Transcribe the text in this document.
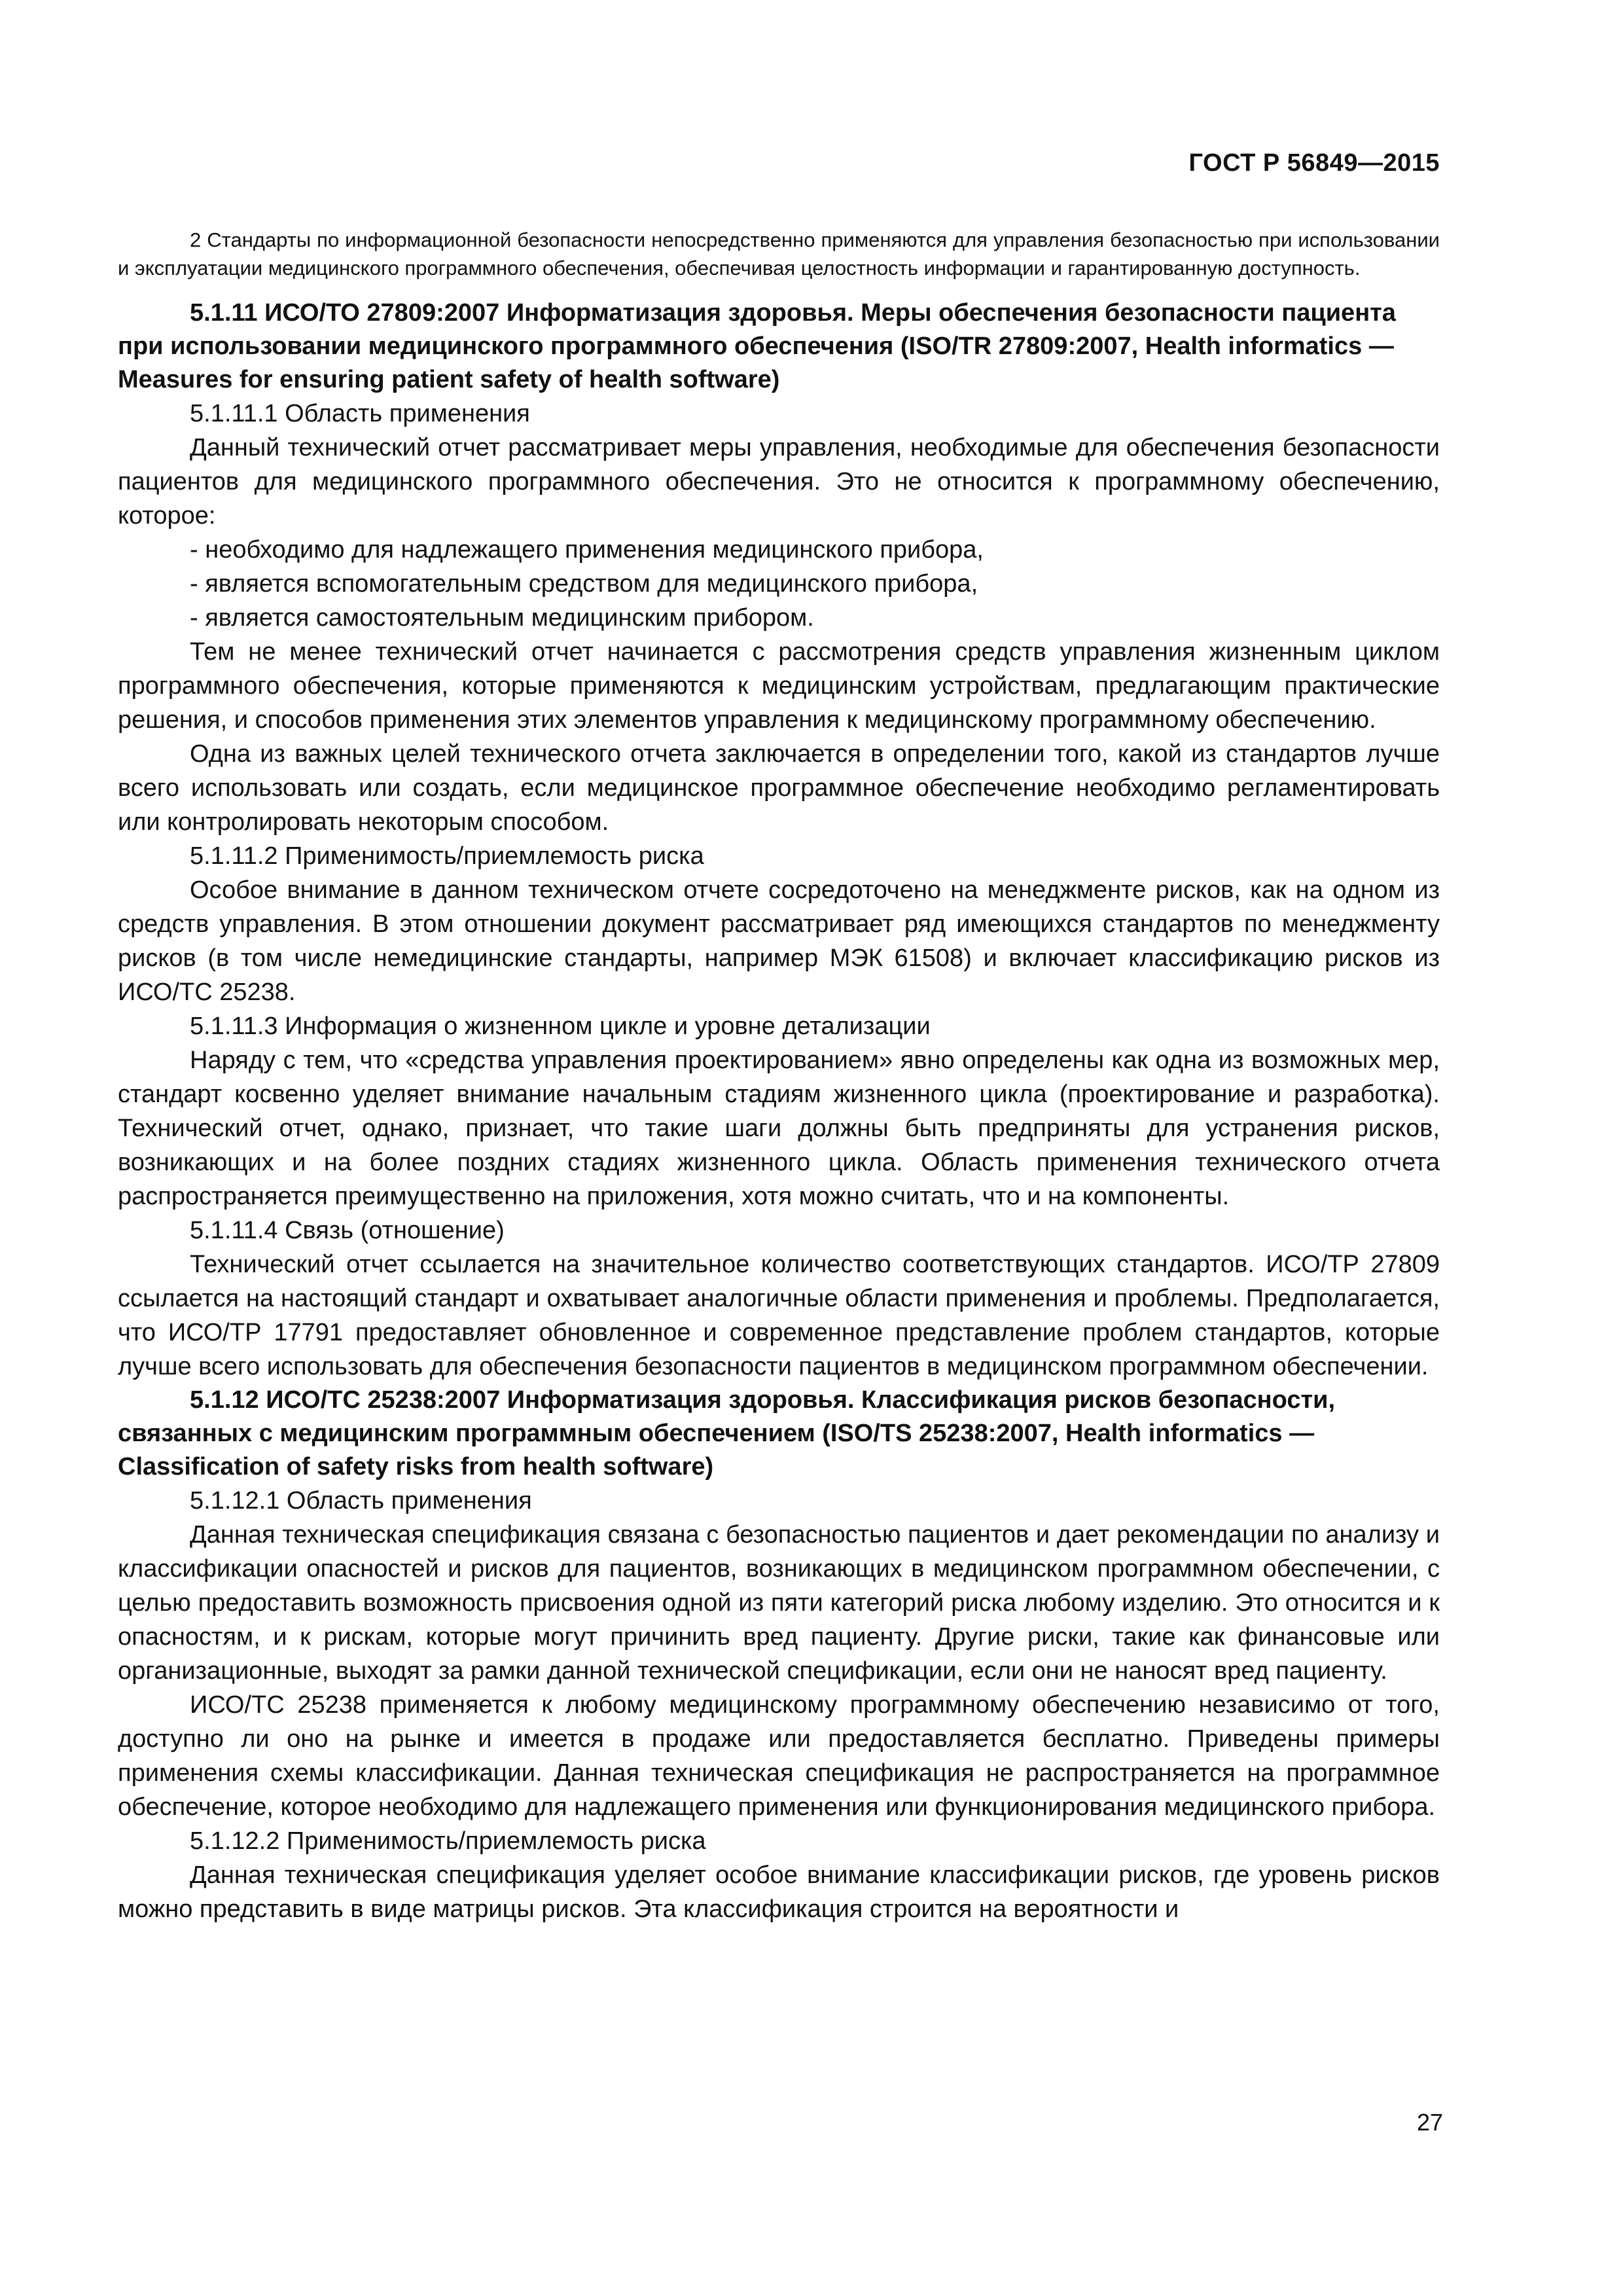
ГОСТ Р 56849—2015

2 Стандарты по информационной безопасности непосредственно применяются для управления безопасностью при использовании и эксплуатации медицинского программного обеспечения, обеспечивая целостность информации и гарантированную доступность.

5.1.11 ИСО/ТО 27809:2007 Информатизация здоровья. Меры обеспечения безопасности пациента при использовании медицинского программного обеспечения (ISO/TR 27809:2007, Health informatics — Measures for ensuring patient safety of health software)

5.1.11.1 Область применения

Данный технический отчет рассматривает меры управления, необходимые для обеспечения безопасности пациентов для медицинского программного обеспечения. Это не относится к программному обеспечению, которое:

- необходимо для надлежащего применения медицинского прибора,

- является вспомогательным средством для медицинского прибора,

- является самостоятельным медицинским прибором.

Тем не менее технический отчет начинается с рассмотрения средств управления жизненным циклом программного обеспечения, которые применяются к медицинским устройствам, предлагающим практические решения, и способов применения этих элементов управления к медицинскому программному обеспечению.

Одна из важных целей технического отчета заключается в определении того, какой из стандартов лучше всего использовать или создать, если медицинское программное обеспечение необходимо регламентировать или контролировать некоторым способом.

5.1.11.2 Применимость/приемлемость риска

Особое внимание в данном техническом отчете сосредоточено на менеджменте рисков, как на одном из средств управления. В этом отношении документ рассматривает ряд имеющихся стандартов по менеджменту рисков (в том числе немедицинские стандарты, например МЭК 61508) и включает классификацию рисков из ИСО/ТС 25238.

5.1.11.3 Информация о жизненном цикле и уровне детализации

Наряду с тем, что «средства управления проектированием» явно определены как одна из возможных мер, стандарт косвенно уделяет внимание начальным стадиям жизненного цикла (проектирование и разработка). Технический отчет, однако, признает, что такие шаги должны быть предприняты для устранения рисков, возникающих и на более поздних стадиях жизненного цикла. Область применения технического отчета распространяется преимущественно на приложения, хотя можно считать, что и на компоненты.

5.1.11.4 Связь (отношение)

Технический отчет ссылается на значительное количество соответствующих стандартов. ИСО/ТР 27809 ссылается на настоящий стандарт и охватывает аналогичные области применения и проблемы. Предполагается, что ИСО/ТР 17791 предоставляет обновленное и современное представление проблем стандартов, которые лучше всего использовать для обеспечения безопасности пациентов в медицинском программном обеспечении.

5.1.12 ИСО/ТС 25238:2007 Информатизация здоровья. Классификация рисков безопасности, связанных с медицинским программным обеспечением (ISO/TS 25238:2007, Health informatics — Classification of safety risks from health software)

5.1.12.1 Область применения

Данная техническая спецификация связана с безопасностью пациентов и дает рекомендации по анализу и классификации опасностей и рисков для пациентов, возникающих в медицинском программном обеспечении, с целью предоставить возможность присвоения одной из пяти категорий риска любому изделию. Это относится и к опасностям, и к рискам, которые могут причинить вред пациенту. Другие риски, такие как финансовые или организационные, выходят за рамки данной технической спецификации, если они не наносят вред пациенту.

ИСО/ТС 25238 применяется к любому медицинскому программному обеспечению независимо от того, доступно ли оно на рынке и имеется в продаже или предоставляется бесплатно. Приведены примеры применения схемы классификации. Данная техническая спецификация не распространяется на программное обеспечение, которое необходимо для надлежащего применения или функционирования медицинского прибора.

5.1.12.2 Применимость/приемлемость риска

Данная техническая спецификация уделяет особое внимание классификации рисков, где уровень рисков можно представить в виде матрицы рисков. Эта классификация строится на вероятности и

27
